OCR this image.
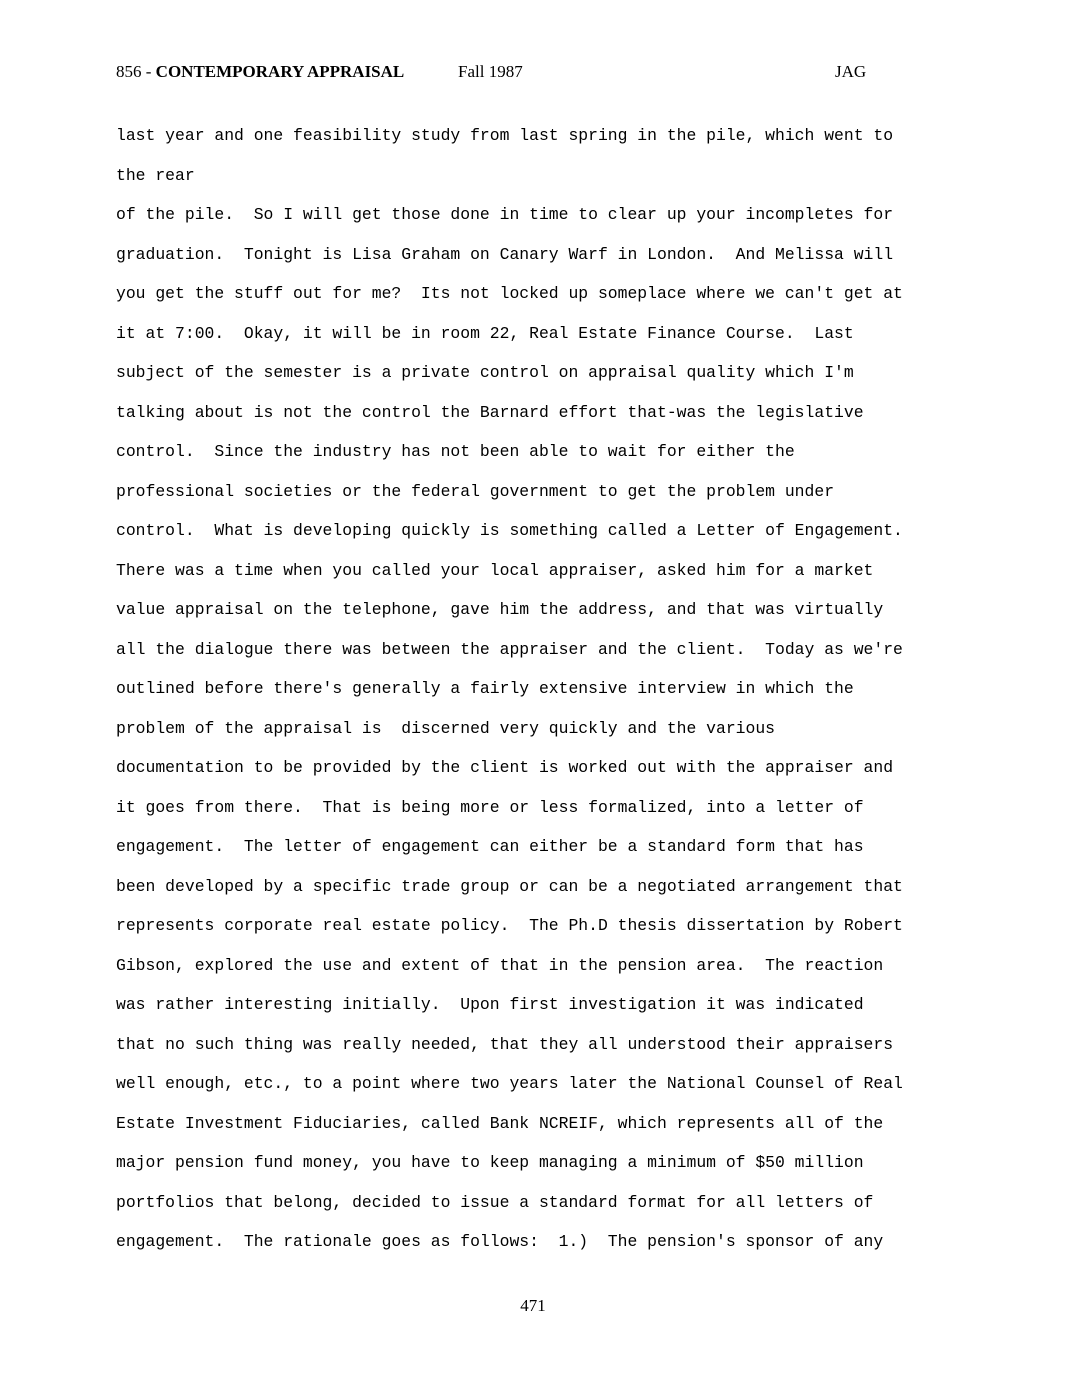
856 - CONTEMPORARY APPRAISAL	Fall 1987	JAG
last year and one feasibility study from last spring in the pile, which went to
the rear
of the pile.  So I will get those done in time to clear up your incompletes for
graduation.  Tonight is Lisa Graham on Canary Warf in London.  And Melissa will
you get the stuff out for me?  Its not locked up someplace where we can't get at
it at 7:00.  Okay, it will be in room 22, Real Estate Finance Course.  Last
subject of the semester is a private control on appraisal quality which I'm
talking about is not the control the Barnard effort that-was the legislative
control.  Since the industry has not been able to wait for either the
professional societies or the federal government to get the problem under
control.  What is developing quickly is something called a Letter of Engagement.
There was a time when you called your local appraiser, asked him for a market
value appraisal on the telephone, gave him the address, and that was virtually
all the dialogue there was between the appraiser and the client.  Today as we're
outlined before there's generally a fairly extensive interview in which the
problem of the appraisal is  discerned very quickly and the various
documentation to be provided by the client is worked out with the appraiser and
it goes from there.  That is being more or less formalized, into a letter of
engagement.  The letter of engagement can either be a standard form that has
been developed by a specific trade group or can be a negotiated arrangement that
represents corporate real estate policy.  The Ph.D thesis dissertation by Robert
Gibson, explored the use and extent of that in the pension area.  The reaction
was rather interesting initially.  Upon first investigation it was indicated
that no such thing was really needed, that they all understood their appraisers
well enough, etc., to a point where two years later the National Counsel of Real
Estate Investment Fiduciaries, called Bank NCREIF, which represents all of the
major pension fund money, you have to keep managing a minimum of $50 million
portfolios that belong, decided to issue a standard format for all letters of
engagement.  The rationale goes as follows:  1.)  The pension's sponsor of any
471
